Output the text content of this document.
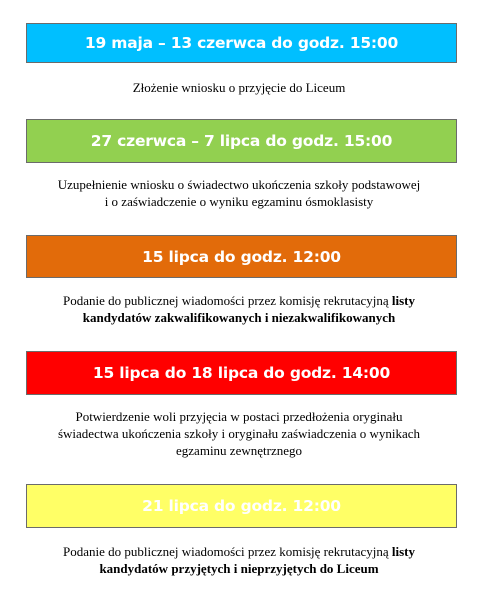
19 maja – 13 czerwca do godz. 15:00
Złożenie wniosku o przyjęcie do Liceum
27 czerwca – 7 lipca do godz. 15:00
Uzupełnienie wniosku o świadectwo ukończenia szkoły podstawowej
i o zaświadczenie o wyniku egzaminu ósmoklasisty
15 lipca do godz. 12:00
Podanie do publicznej wiadomości przez komisję rekrutacyjną listy
kandydatów zakwalifikowanych i niezakwalifikowanych
15 lipca do 18 lipca do godz. 14:00
Potwierdzenie woli przyjęcia w postaci przedłożenia oryginału
świadectwa ukończenia szkoły i oryginału zaświadczenia o wynikach
egzaminu zewnętrznego
21 lipca do godz. 12:00
Podanie do publicznej wiadomości przez komisję rekrutacyjną listy
kandydatów przyjętych i nieprzyjętych do Liceum
